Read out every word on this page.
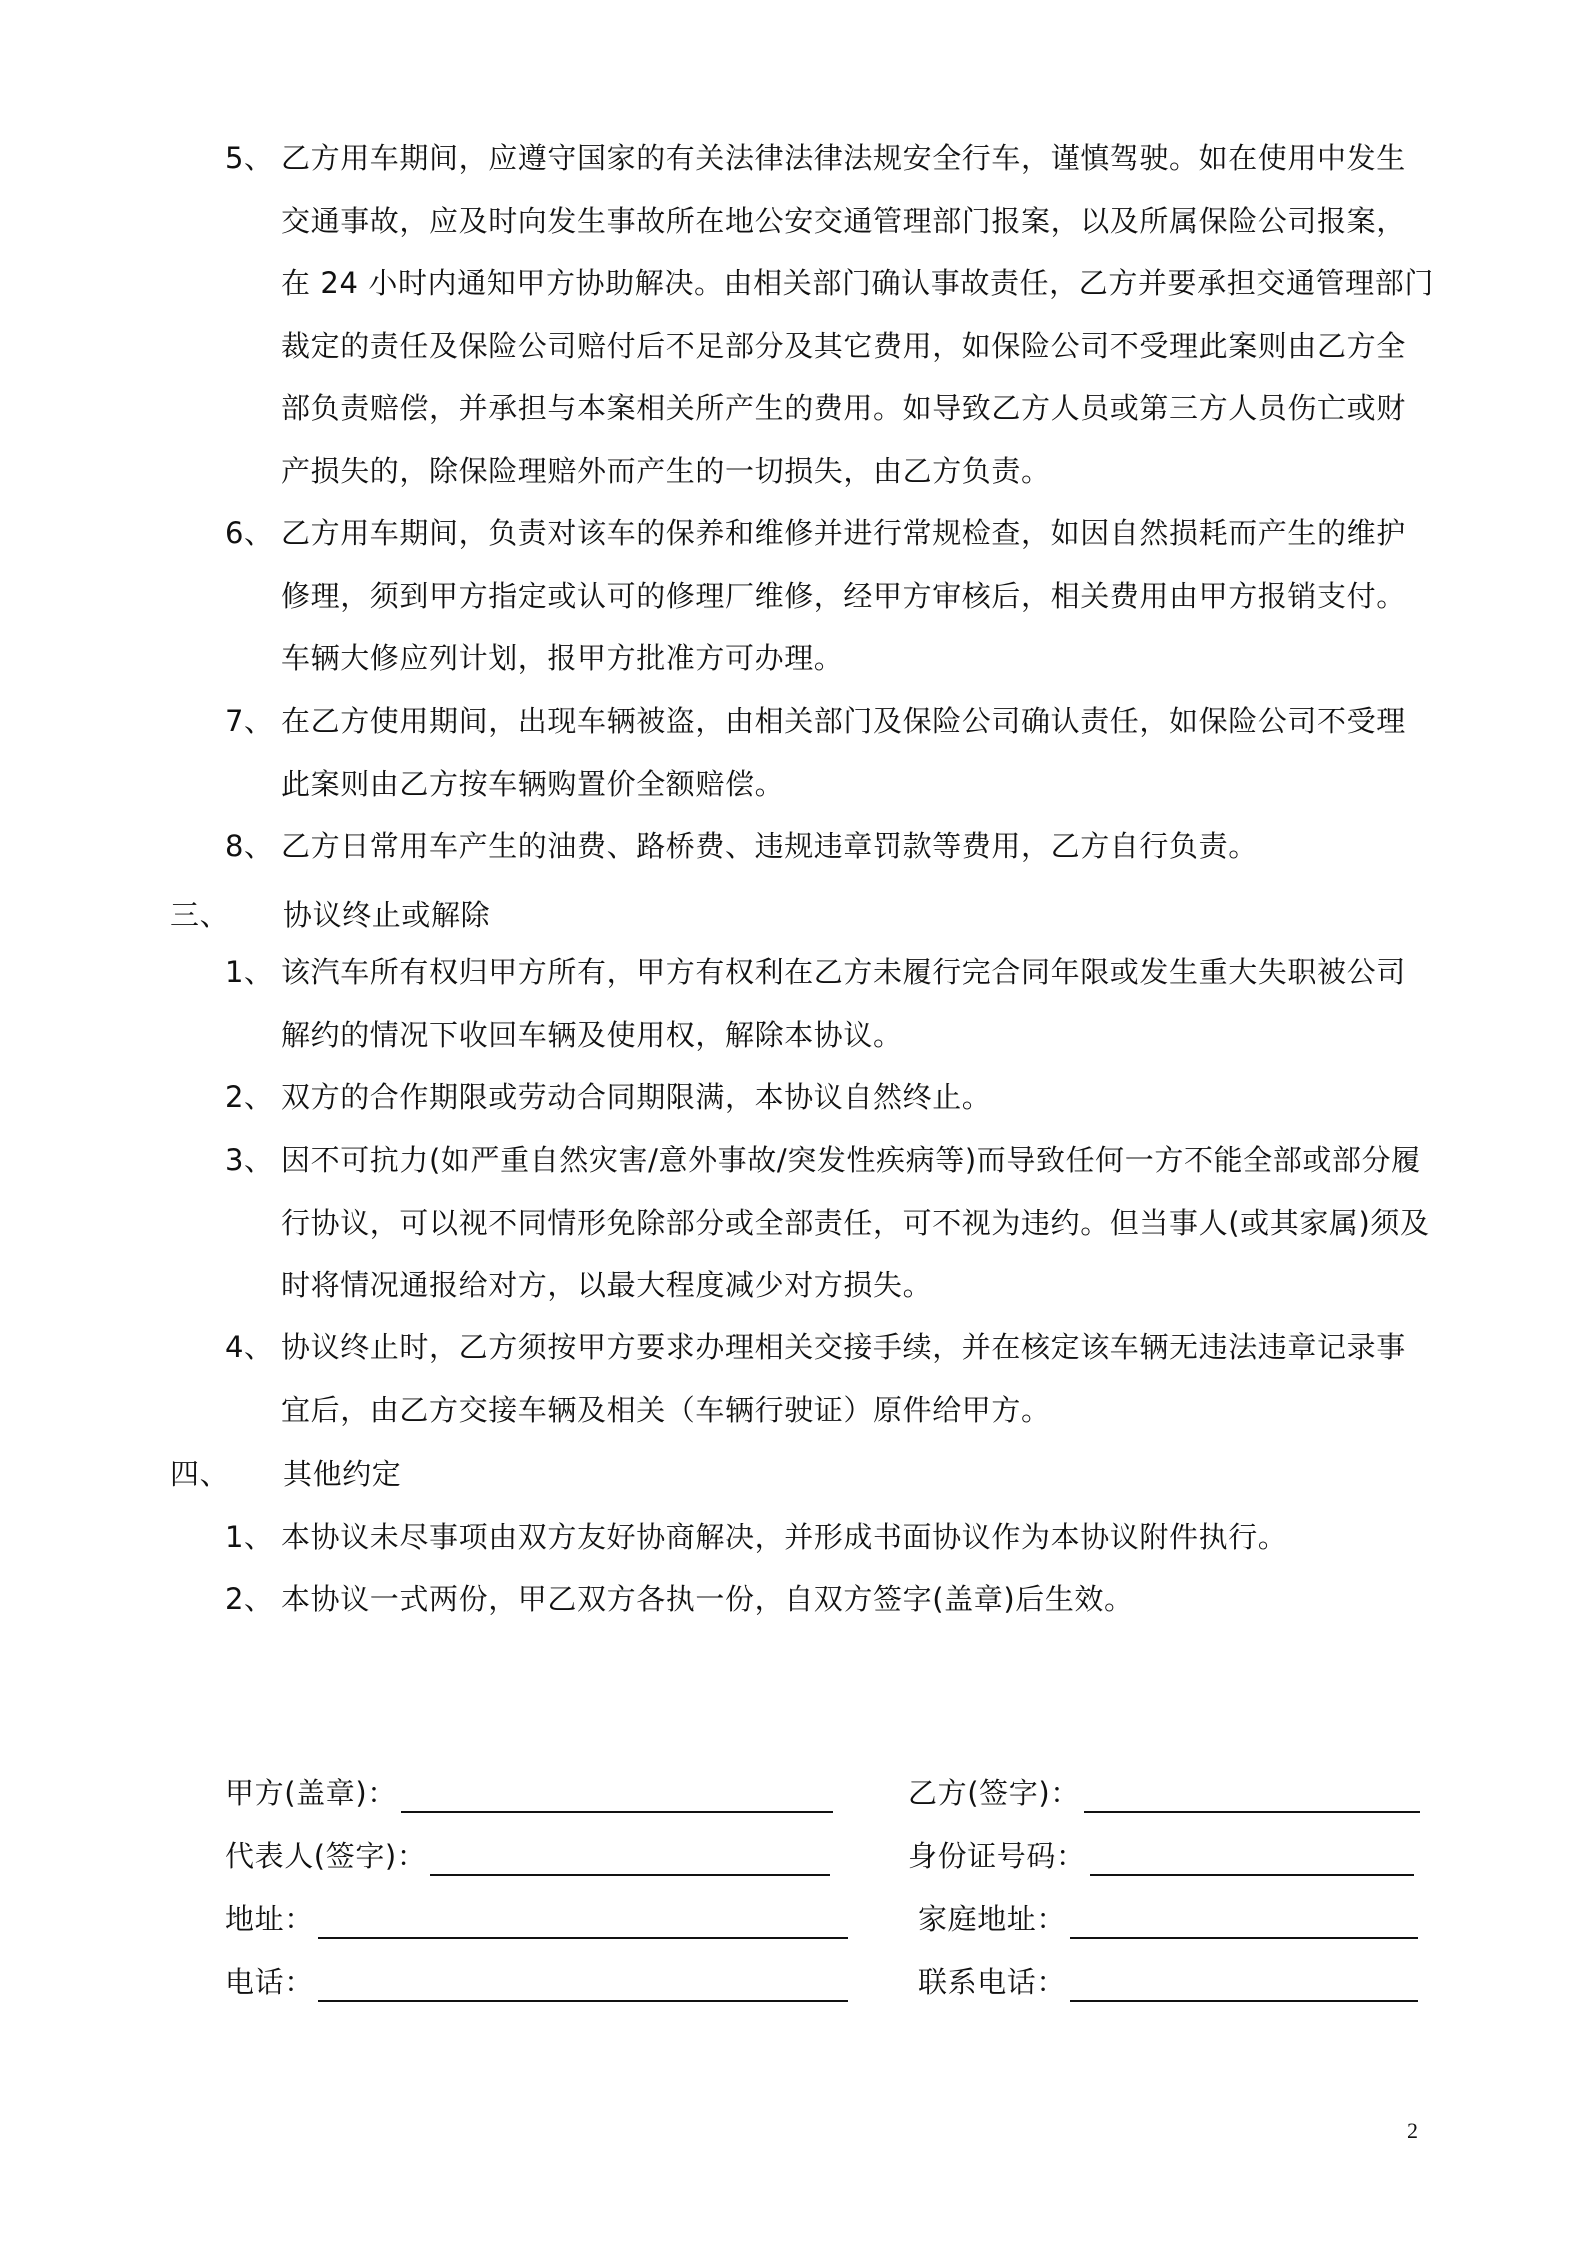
5、 乙方用车期间，应遵守国家的有关法律法律法规安全行车，谨慎驾驶。如在使用中发生交通事故，应及时向发生事故所在地公安交通管理部门报案，以及所属保险公司报案，在 24 小时内通知甲方协助解决。由相关部门确认事故责任，乙方并要承担交通管理部门裁定的责任及保险公司赔付后不足部分及其它费用，如保险公司不受理此案则由乙方全部负责赔偿，并承担与本案相关所产生的费用。如导致乙方人员或第三方人员伤亡或财产损失的，除保险理赔外而产生的一切损失，由乙方负责。
6、 乙方用车期间，负责对该车的保养和维修并进行常规检查，如因自然损耗而产生的维护修理，须到甲方指定或认可的修理厂维修，经甲方审核后，相关费用由甲方报销支付。车辆大修应列计划，报甲方批准方可办理。
7、 在乙方使用期间，出现车辆被盗，由相关部门及保险公司确认责任，如保险公司不受理此案则由乙方按车辆购置价全额赔偿。
8、 乙方日常用车产生的油费、路桥费、违规违章罚款等费用，乙方自行负责。
三、 协议终止或解除
1、 该汽车所有权归甲方所有，甲方有权利在乙方未履行完合同年限或发生重大失职被公司解约的情况下收回车辆及使用权，解除本协议。
2、 双方的合作期限或劳动合同期限满，本协议自然终止。
3、 因不可抗力(如严重自然灾害/意外事故/突发性疾病等)而导致任何一方不能全部或部分履行协议，可以视不同情形免除部分或全部责任，可不视为违约。但当事人(或其家属)须及时将情况通报给对方，以最大程度减少对方损失。
4、 协议终止时，乙方须按甲方要求办理相关交接手续，并在核定该车辆无违法违章记录事宜后，由乙方交接车辆及相关（车辆行驶证）原件给甲方。
四、 其他约定
1、 本协议未尽事项由双方友好协商解决，并形成书面协议作为本协议附件执行。
2、 本协议一式两份，甲乙双方各执一份，自双方签字(盖章)后生效。
甲方(盖章)：
代表人(签字)：
地址：
电话：
乙方(签字)：
身份证号码：
家庭地址：
联系电话：
2
